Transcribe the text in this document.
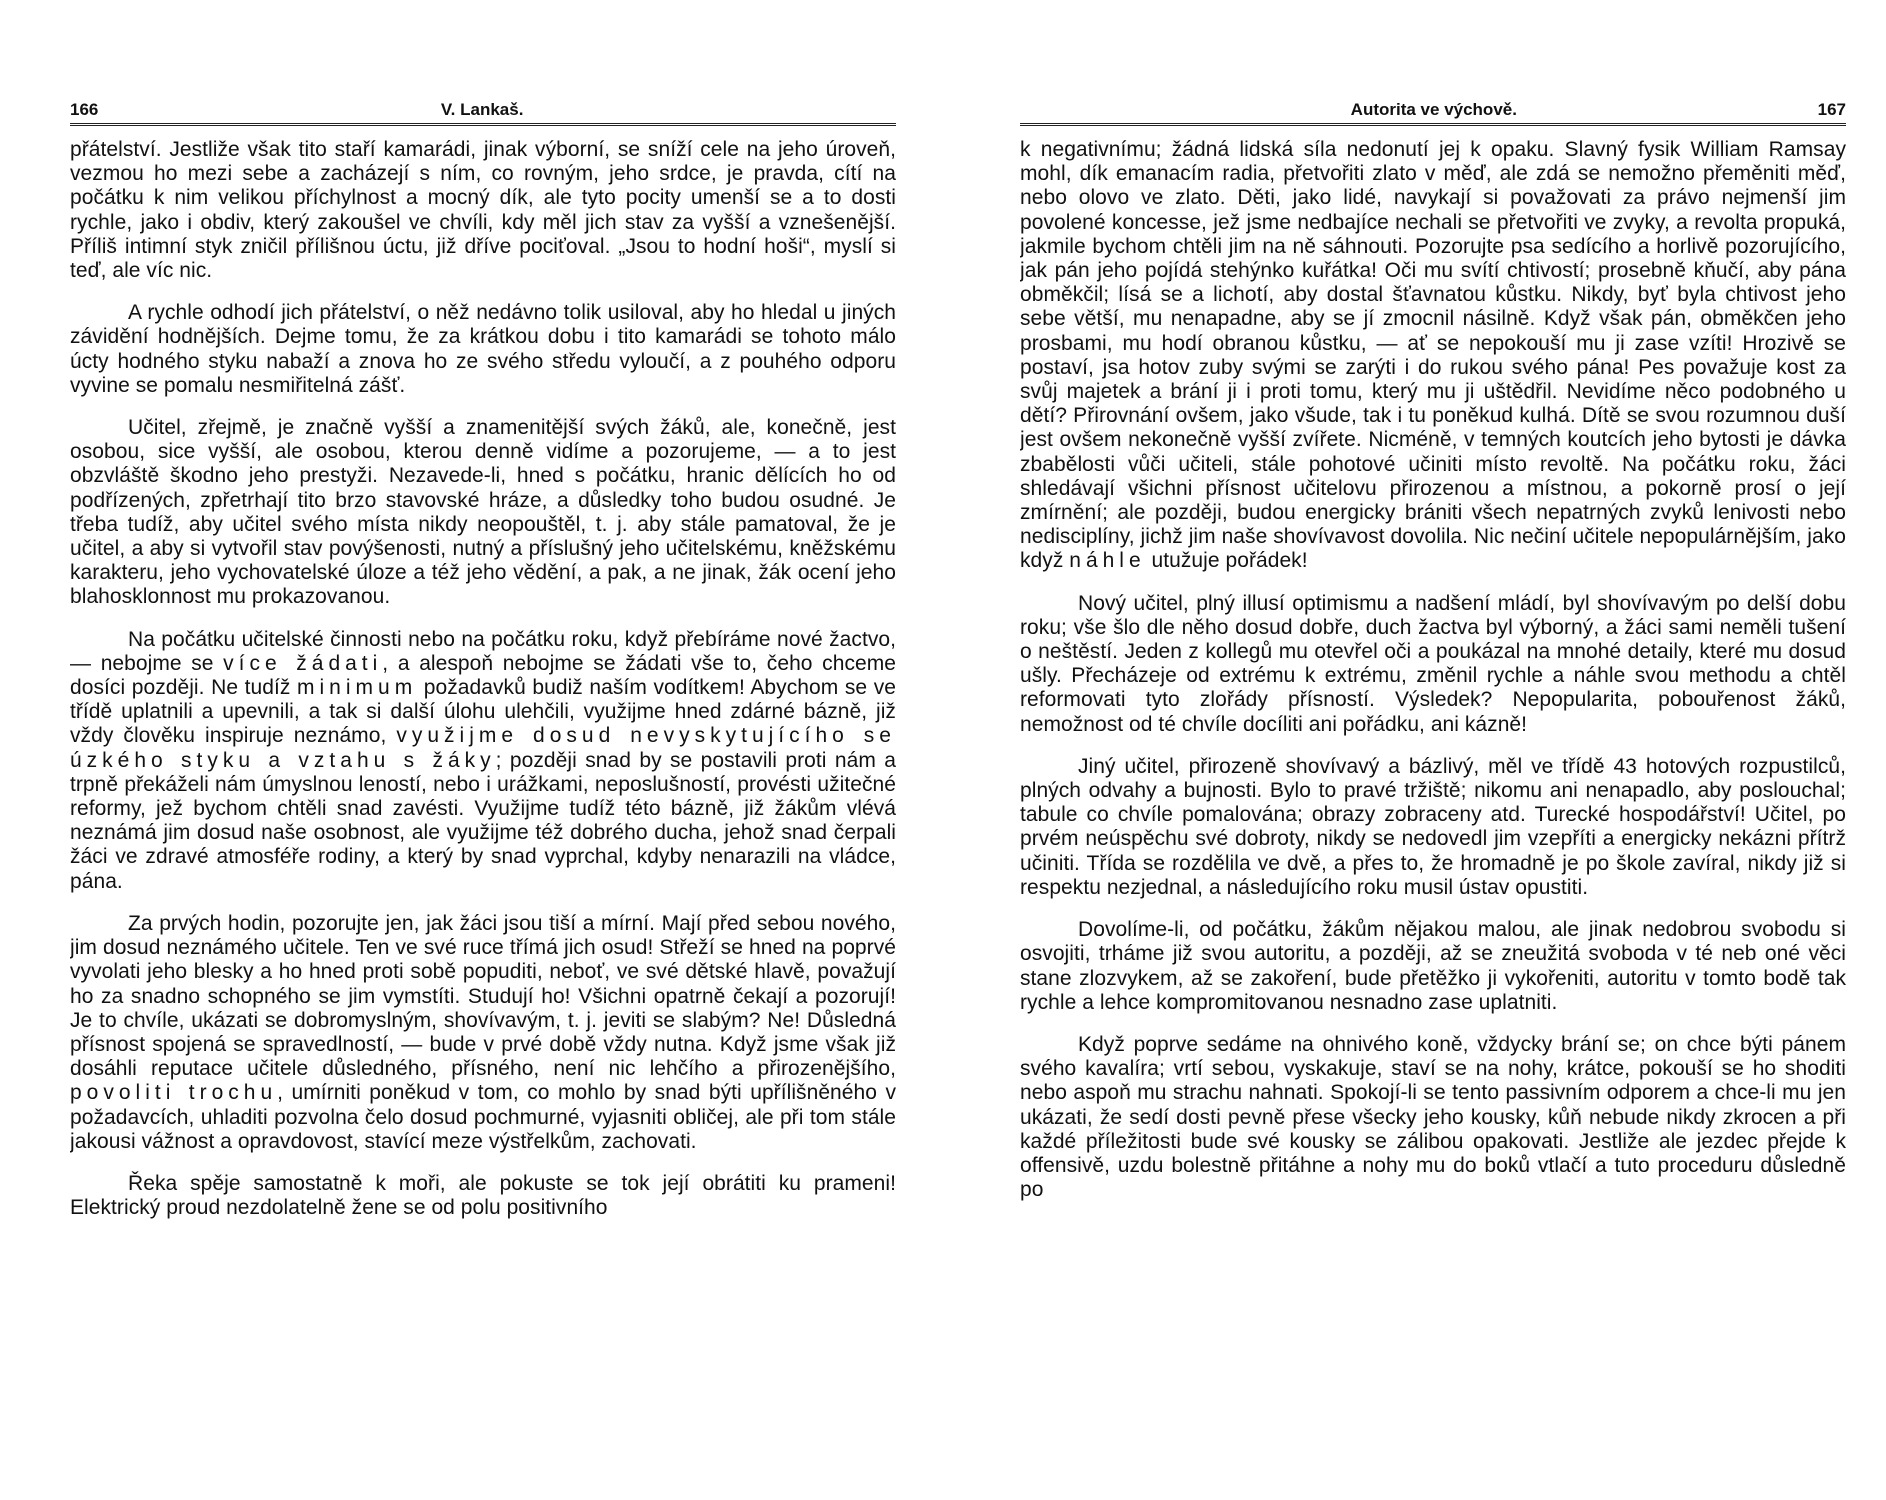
166	V. Lankaš.

přátelství. Jestliže však tito staří kamarádi, jinak výborní, se sníží cele na jeho úroveň, vezmou ho mezi sebe a zacházejí s ním, co rovným, jeho srdce, je pravda, cítí na počátku k nim velikou příchylnost a mocný dík, ale tyto pocity umenší se a to dosti rychle, jako i obdiv, který zakoušel ve chvíli, kdy měl jich stav za vyšší a vznešenější. Příliš intimní styk zničil přílišnou úctu, již dříve pociťoval. „Jsou to hodní hoši“, myslí si teď, ale víc nic.

A rychle odhodí jich přátelství, o něž nedávno tolik usiloval, aby ho hledal u jiných závidění hodnějších. Dejme tomu, že za krátkou dobu i tito kamarádi se tohoto málo úcty hodného styku nabaží a znova ho ze svého středu vyloučí, a z pouhého odporu vyvine se pomalu nesmiřitelná zášť.

Učitel, zřejmě, je značně vyšší a znamenitější svých žáků, ale, konečně, jest osobou, sice vyšší, ale osobou, kterou denně vidíme a pozorujeme, — a to jest obzvláště škodno jeho prestyži. Nezavede-li, hned s počátku, hranic dělících ho od podřízených, zpřetrhají tito brzo stavovské hráze, a důsledky toho budou osudné. Je třeba tudíž, aby učitel svého místa nikdy neopouštěl, t. j. aby stále pamatoval, že je učitel, a aby si vytvořil stav povýšenosti, nutný a příslušný jeho učitelskému, kněžskému karakteru, jeho vychovatelské úloze a též jeho vědění, a pak, a ne jinak, žák ocení jeho blahosklonnost mu prokazovanou.

Na počátku učitelské činnosti nebo na počátku roku, když přebíráme nové žactvo, — nebojme se více žádati, a alespoň nebojme se žádati vše to, čeho chceme dosíci později. Ne tudíž minimum požadavků budiž naším vodítkem! Abychom se ve třídě uplatnili a upevnili, a tak si další úlohu ulehčili, využijme hned zdárné bázně, již vždy člověku inspiruje neznámo, využijme dosud nevyskytujícího se úzkého styku a vztahu s žáky; později snad by se postavili proti nám a trpně překáželi nám úmyslnou leností, nebo i urážkami, neposlušností, provésti užitečné reformy, jež bychom chtěli snad zavésti. Využijme tudíž této bázně, již žákům vlévá neznámá jim dosud naše osobnost, ale využijme též dobrého ducha, jehož snad čerpali žáci ve zdravé atmosféře rodiny, a který by snad vyprchal, kdyby nenarazili na vládce, pána.

Za prvých hodin, pozorujte jen, jak žáci jsou tiší a mírní. Mají před sebou nového, jim dosud neznámého učitele. Ten ve své ruce třímá jich osud! Střeží se hned na poprvé vyvolati jeho blesky a ho hned proti sobě popuditi, neboť, ve své dětské hlavě, považují ho za snadno schopného se jim vymstíti. Studují ho! Všichni opatrně čekají a pozorují! Je to chvíle, ukázati se dobromyslným, shovívavým, t. j. jeviti se slabým? Ne! Důsledná přísnost spojená se spravedlností, — bude v prvé době vždy nutna. Když jsme však již dosáhli reputace učitele důsledného, přísného, není nic lehčího a přirozenějšího, povoliti trochu, umírniti poněkud v tom, co mohlo by snad býti upřílišněného v požadavcích, uhladiti pozvolna čelo dosud pochmurné, vyjasniti obličej, ale při tom stále jakousi vážnost a opravdovost, stavící meze výstřelkům, zachovati.

Řeka spěje samostatně k moři, ale pokuste se tok její obrátiti ku prameni! Elektrický proud nezdolatelně žene se od polu positivního

Autorita ve výchově.	167

k negativnímu; žádná lidská síla nedonutí jej k opaku. Slavný fysik William Ramsay mohl, dík emanacím radia, přetvořiti zlato v měď, ale zdá se nemožno přeměniti měď, nebo olovo ve zlato. Děti, jako lidé, navykají si považovati za právo nejmenší jim povolené koncesse, jež jsme nedbajíce nechali se přetvořiti ve zvyky, a revolta propuká, jakmile bychom chtěli jim na ně sáhnouti. Pozorujte psa sedícího a horlivě pozorujícího, jak pán jeho pojídá stehýnko kuřátka! Oči mu svítí chtivostí; prosebně kňučí, aby pána obměkčil; lísá se a lichotí, aby dostal šťavnatou kůstku. Nikdy, byť byla chtivost jeho sebe větší, mu nenapadne, aby se jí zmocnil násilně. Když však pán, obměkčen jeho prosbami, mu hodí obranou kůstku, — ať se nepokouší mu ji zase vzíti! Hrozivě se postaví, jsa hotov zuby svými se zarýti i do rukou svého pána! Pes považuje kost za svůj majetek a brání ji i proti tomu, který mu ji uštědřil. Nevidíme něco podobného u dětí? Přirovnání ovšem, jako všude, tak i tu poněkud kulhá. Dítě se svou rozumnou duší jest ovšem nekonečně vyšší zvířete. Nicméně, v temných koutcích jeho bytosti je dávka zbabělosti vůči učiteli, stále pohotové učiniti místo revoltě. Na počátku roku, žáci shledávají všichni přísnost učitelovu přirozenou a místnou, a pokorně prosí o její zmírnění; ale později, budou energicky brániti všech nepatrných zvyků lenivosti nebo nedisciplíny, jichž jim naše shovívavost dovolila. Nic nečiní učitele nepopulárnějším, jako když náhle utužuje pořádek!

Nový učitel, plný illusí optimismu a nadšení mládí, byl shovívavým po delší dobu roku; vše šlo dle něho dosud dobře, duch žactva byl výborný, a žáci sami neměli tušení o neštěstí. Jeden z kollegů mu otevřel oči a poukázal na mnohé detaily, které mu dosud ušly. Přecházeje od extrému k extrému, změnil rychle a náhle svou methodu a chtěl reformovati tyto zlořády přísností. Výsledek? Nepopularita, pobouřenost žáků, nemožnost od té chvíle docíliti ani pořádku, ani kázně!

Jiný učitel, přirozeně shovívavý a bázlivý, měl ve třídě 43 hotových rozpustilců, plných odvahy a bujnosti. Bylo to pravé tržiště; nikomu ani nenapadlo, aby poslouchal; tabule co chvíle pomalována; obrazy zobraceny atd. Turecké hospodářství! Učitel, po prvém neúspěchu své dobroty, nikdy se nedovedl jim vzepříti a energicky nekázni přítrž učiniti. Třída se rozdělila ve dvě, a přes to, že hromadně je po škole zavíral, nikdy již si respektu nezjednal, a následujícího roku musil ústav opustiti.

Dovolíme-li, od počátku, žákům nějakou malou, ale jinak nedobrou svobodu si osvojiti, trháme již svou autoritu, a později, až se zneužitá svoboda v té neb oné věci stane zlozvykem, až se zakoření, bude přetěžko ji vykořeniti, autoritu v tomto bodě tak rychle a lehce kompromitovanou nesnadno zase uplatniti.

Když poprve sedáme na ohnivého koně, vždycky brání se; on chce býti pánem svého kavalíra; vrtí sebou, vyskakuje, staví se na nohy, krátce, pokouší se ho shoditi nebo aspoň mu strachu nahnati. Spokojí-li se tento passivním odporem a chce-li mu jen ukázati, že sedí dosti pevně přese všecky jeho kousky, kůň nebude nikdy zkrocen a při každé příležitosti bude své kousky se zálibou opakovati. Jestliže ale jezdec přejde k offensivě, uzdu bolestně přitáhne a nohy mu do boků vtlačí a tuto proceduru důsledně po
